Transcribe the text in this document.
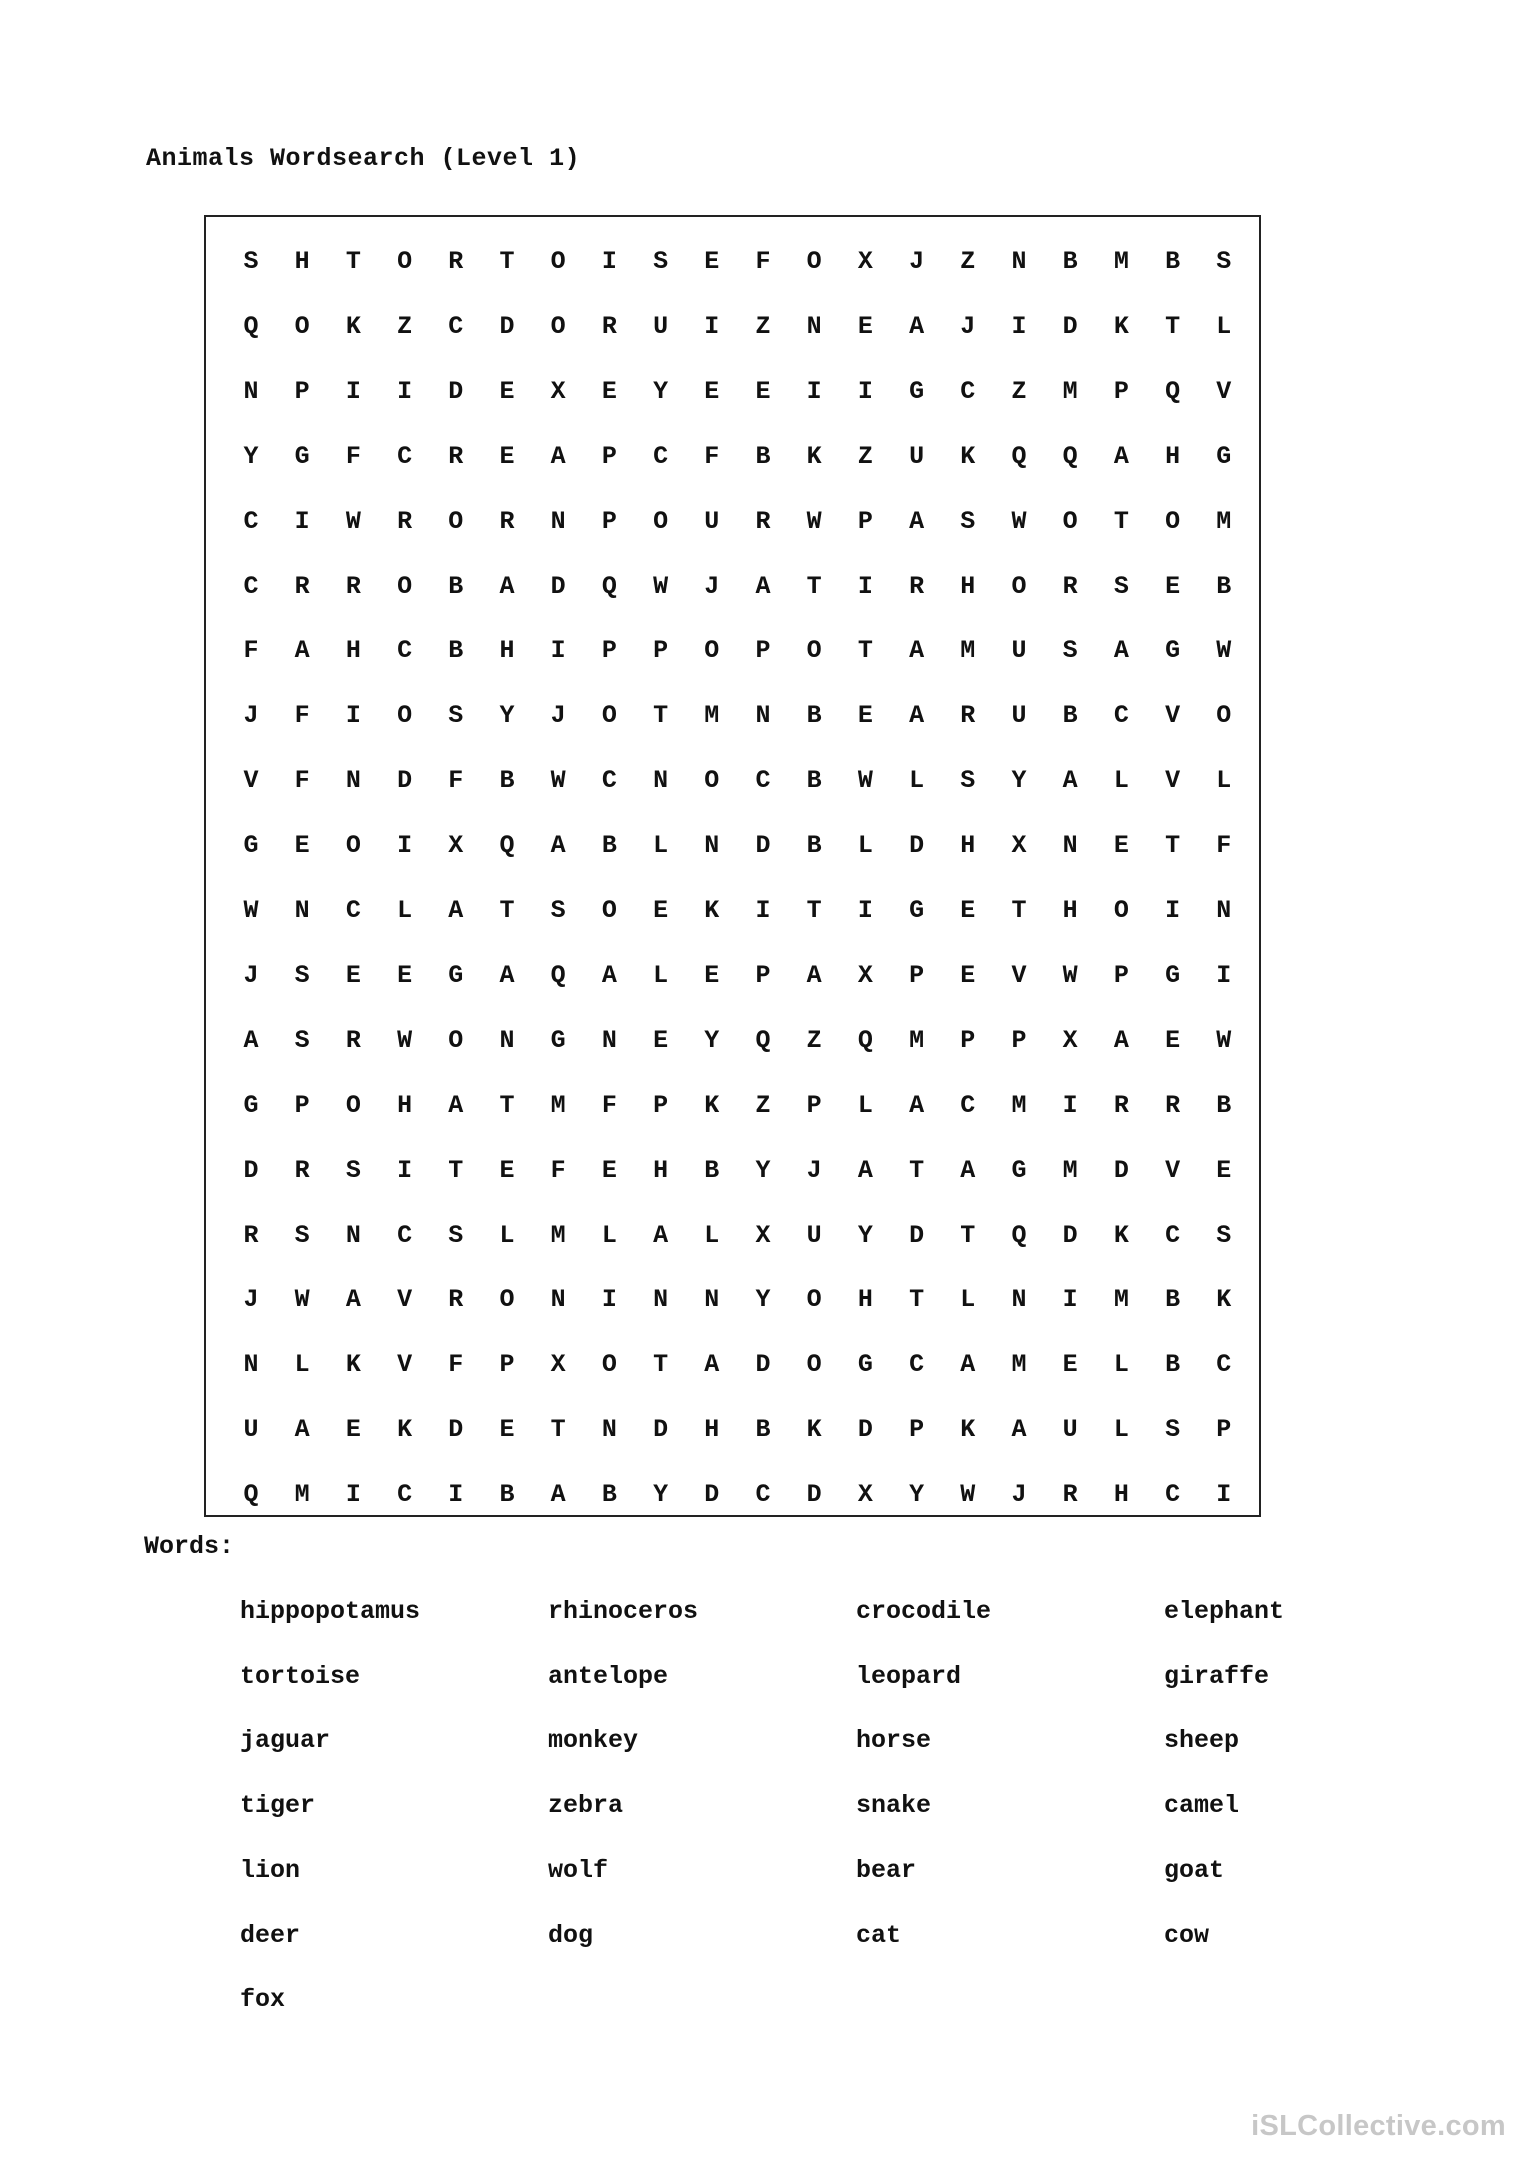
Animals Wordsearch (Level 1)
S	H	T	O	R	T	O	I	S	E	F	O	X	J	Z	N	B	M	B	S
Q	O	K	Z	C	D	O	R	U	I	Z	N	E	A	J	I	D	K	T	L
N	P	I	I	D	E	X	E	Y	E	E	I	I	G	C	Z	M	P	Q	V
Y	G	F	C	R	E	A	P	C	F	B	K	Z	U	K	Q	Q	A	H	G
C	I	W	R	O	R	N	P	O	U	R	W	P	A	S	W	O	T	O	M
C	R	R	O	B	A	D	Q	W	J	A	T	I	R	H	O	R	S	E	B
F	A	H	C	B	H	I	P	P	O	P	O	T	A	M	U	S	A	G	W
J	F	I	O	S	Y	J	O	T	M	N	B	E	A	R	U	B	C	V	O
V	F	N	D	F	B	W	C	N	O	C	B	W	L	S	Y	A	L	V	L
G	E	O	I	X	Q	A	B	L	N	D	B	L	D	H	X	N	E	T	F
W	N	C	L	A	T	S	O	E	K	I	T	I	G	E	T	H	O	I	N
J	S	E	E	G	A	Q	A	L	E	P	A	X	P	E	V	W	P	G	I
A	S	R	W	O	N	G	N	E	Y	Q	Z	Q	M	P	P	X	A	E	W
G	P	O	H	A	T	M	F	P	K	Z	P	L	A	C	M	I	R	R	B
D	R	S	I	T	E	F	E	H	B	Y	J	A	T	A	G	M	D	V	E
R	S	N	C	S	L	M	L	A	L	X	U	Y	D	T	Q	D	K	C	S
J	W	A	V	R	O	N	I	N	N	Y	O	H	T	L	N	I	M	B	K
N	L	K	V	F	P	X	O	T	A	D	O	G	C	A	M	E	L	B	C
U	A	E	K	D	E	T	N	D	H	B	K	D	P	K	A	U	L	S	P
Q	M	I	C	I	B	A	B	Y	D	C	D	X	Y	W	J	R	H	C	I
Words:
hippopotamus	rhinoceros	crocodile	elephant
tortoise	antelope	leopard	giraffe
jaguar	monkey	horse	sheep
tiger	zebra	snake	camel
lion	wolf	bear	goat
deer	dog	cat	cow
fox
iSLCollective.com
